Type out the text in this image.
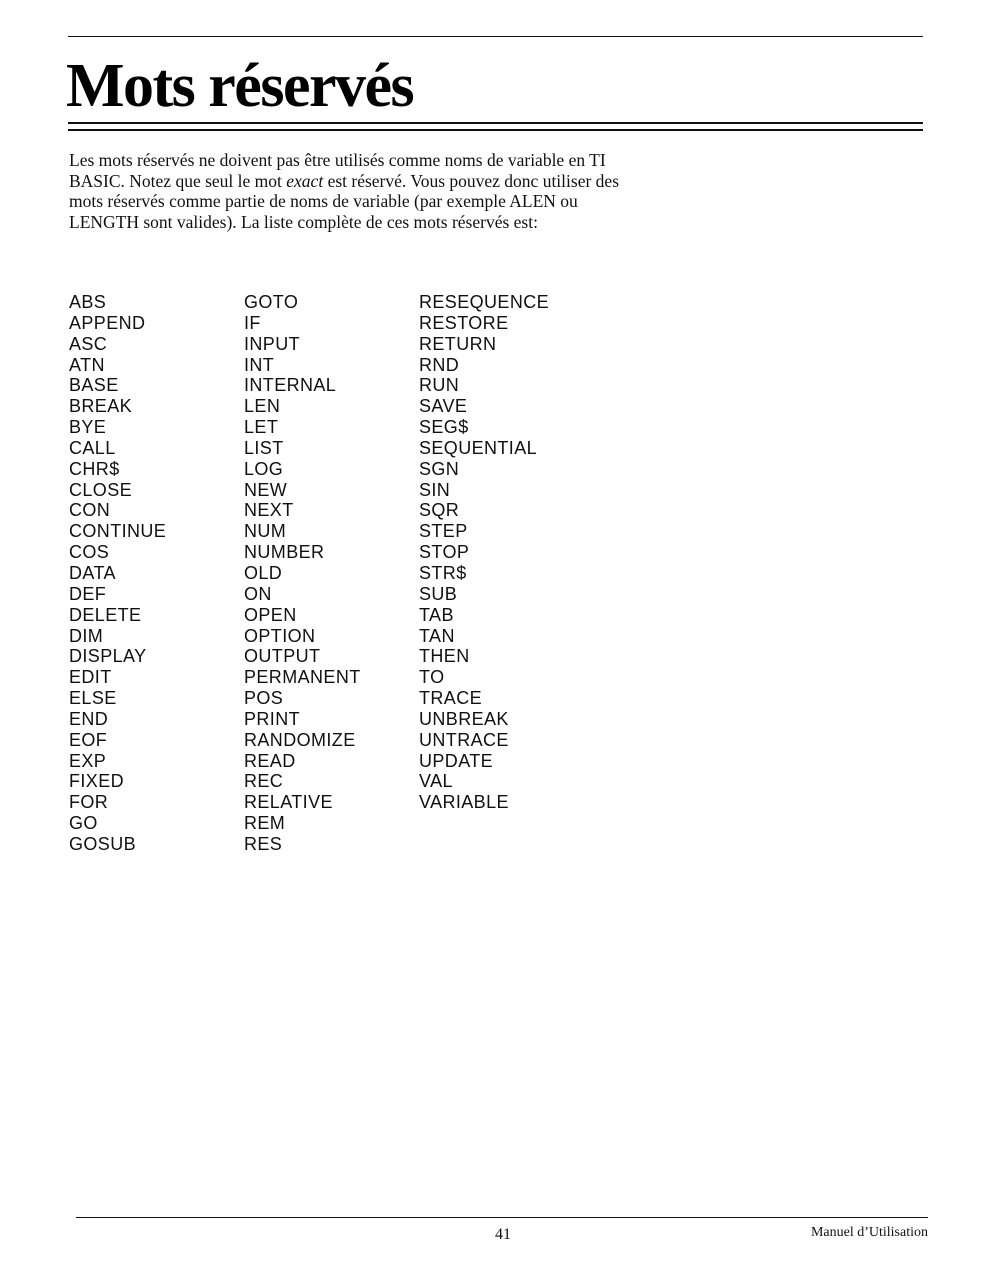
Mots réservés

Les mots réservés ne doivent pas être utilisés comme noms de variable en TI BASIC. Notez que seul le mot exact est réservé. Vous pouvez donc utiliser des mots réservés comme partie de noms de variable (par exemple ALEN ou LENGTH sont valides). La liste complète de ces mots réservés est:

ABS
APPEND
ASC
ATN
BASE
BREAK
BYE
CALL
CHR$
CLOSE
CON
CONTINUE
COS
DATA
DEF
DELETE
DIM
DISPLAY
EDIT
ELSE
END
EOF
EXP
FIXED
FOR
GO
GOSUB
GOTO
IF
INPUT
INT
INTERNAL
LEN
LET
LIST
LOG
NEW
NEXT
NUM
NUMBER
OLD
ON
OPEN
OPTION
OUTPUT
PERMANENT
POS
PRINT
RANDOMIZE
READ
REC
RELATIVE
REM
RES
RESEQUENCE
RESTORE
RETURN
RND
RUN
SAVE
SEG$
SEQUENTIAL
SGN
SIN
SQR
STEP
STOP
STR$
SUB
TAB
TAN
THEN
TO
TRACE
UNBREAK
UNTRACE
UPDATE
VAL
VARIABLE
41	Manuel d’Utilisation
